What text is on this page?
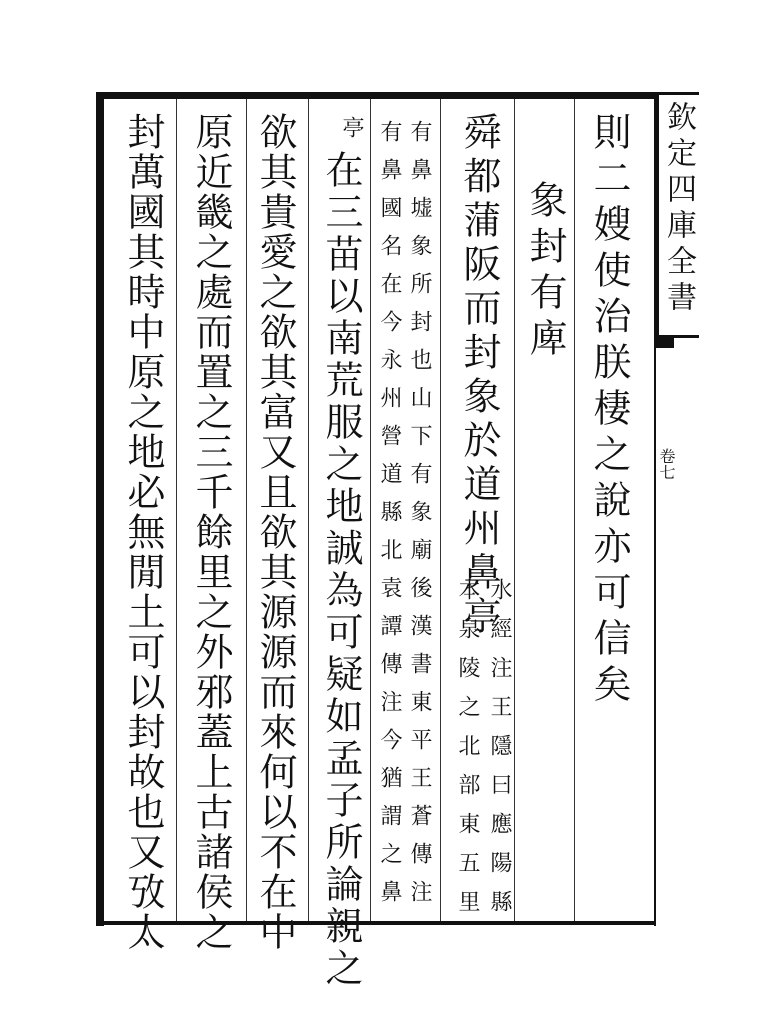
欽定四庫全書
卷七
則二嫂使治朕棲之說亦可信矣
象封有庳
舜都蒲阪而封象於道州鼻亭
水經注王隱曰應陽縣
本泉陵之北部東五里
有鼻墟象所封也山下有象廟後漢書東平王蒼傳注
有鼻國名在今永州營道縣北袁譚傳注今猶謂之鼻
亭
在三苗以南荒服之地誠為可疑如孟子所論親之
欲其貴愛之欲其富又且欲其源源而來何以不在中
原近畿之處而置之三千餘里之外邪蓋上古諸侯之
封萬國其時中原之地必無閒土可以封故也又攷太
